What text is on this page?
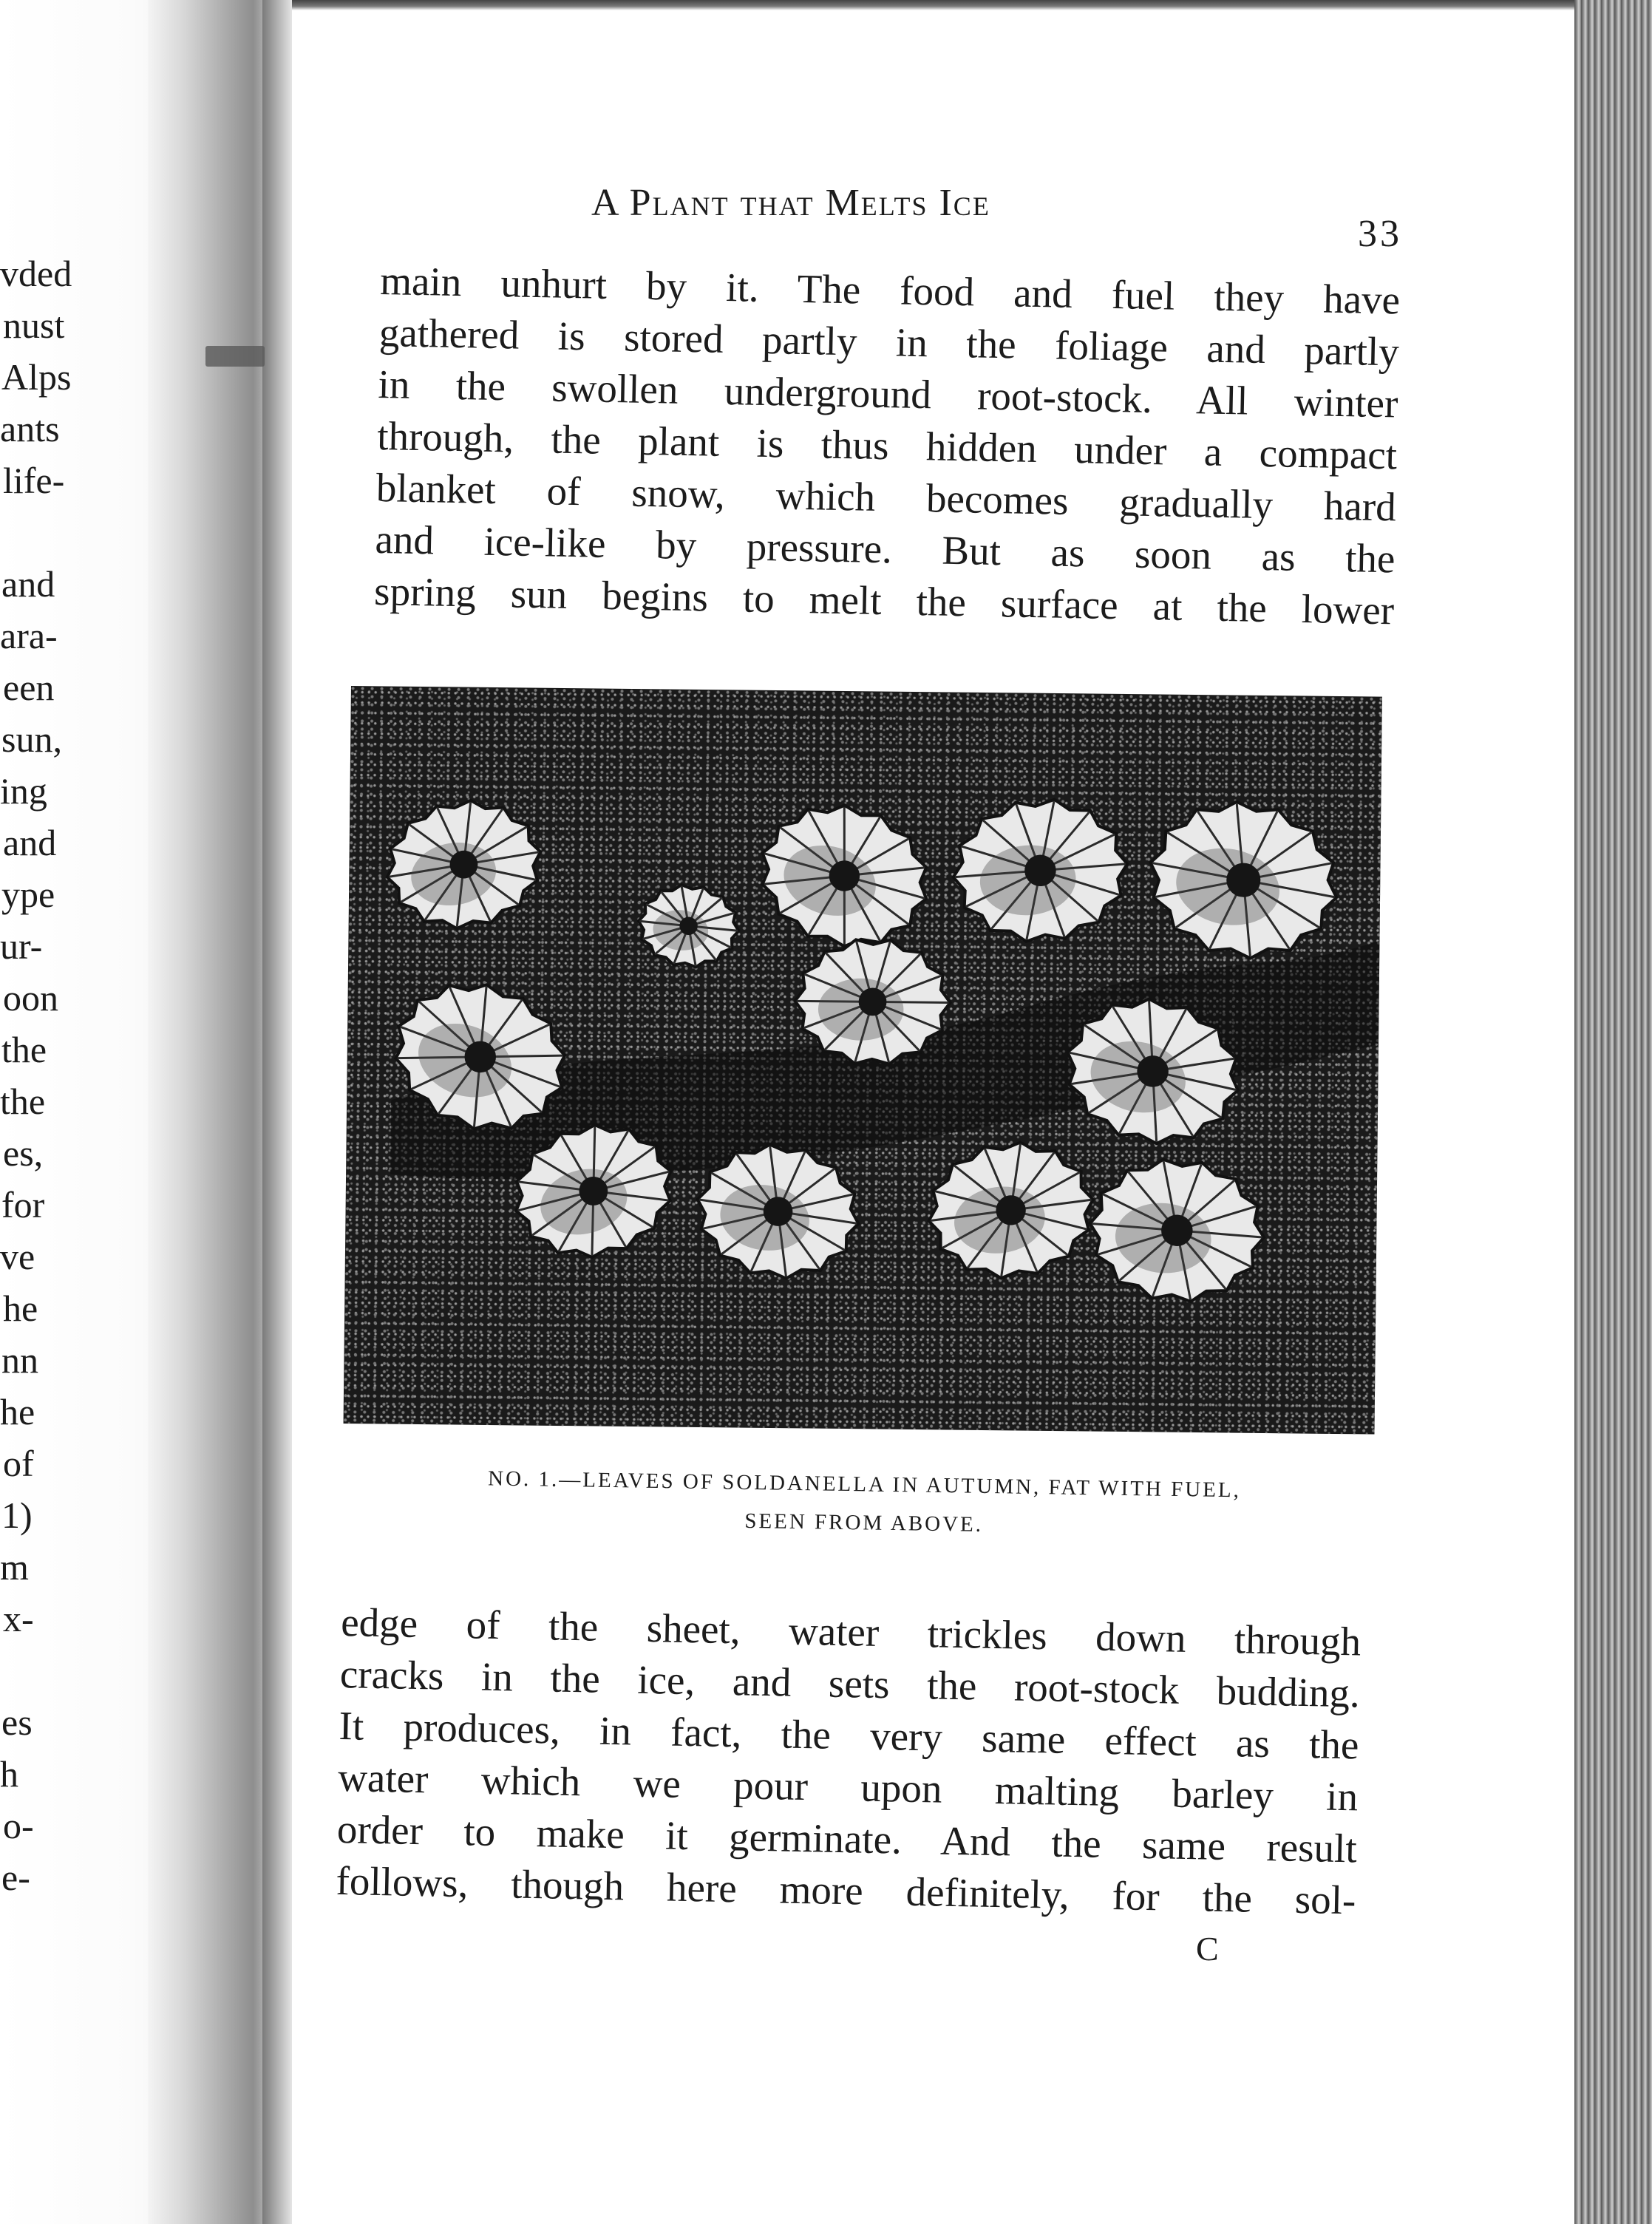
vded
nust
Alps
ants
life-
and
ara-
een
sun,
ing
and
ype
ur-
oon
the
the
es,
for
ve
he
nn
he
of
1)
m
x-
es
h
o-
e-
A Plant that Melts Ice
33
main unhurt by it. The food and fuel they have
gathered is stored partly in the foliage and partly
in the swollen underground root-stock. All winter
through, the plant is thus hidden under a compact
blanket of snow, which becomes gradually hard
and ice-like by pressure. But as soon as the
spring sun begins to melt the surface at the lower
NO. 1.—LEAVES OF SOLDANELLA IN AUTUMN, FAT WITH FUEL,
SEEN FROM ABOVE.
edge of the sheet, water trickles down through
cracks in the ice, and sets the root-stock budding.
It produces, in fact, the very same effect as the
water which we pour upon malting barley in
order to make it germinate. And the same result
follows, though here more definitely, for the sol-
C
